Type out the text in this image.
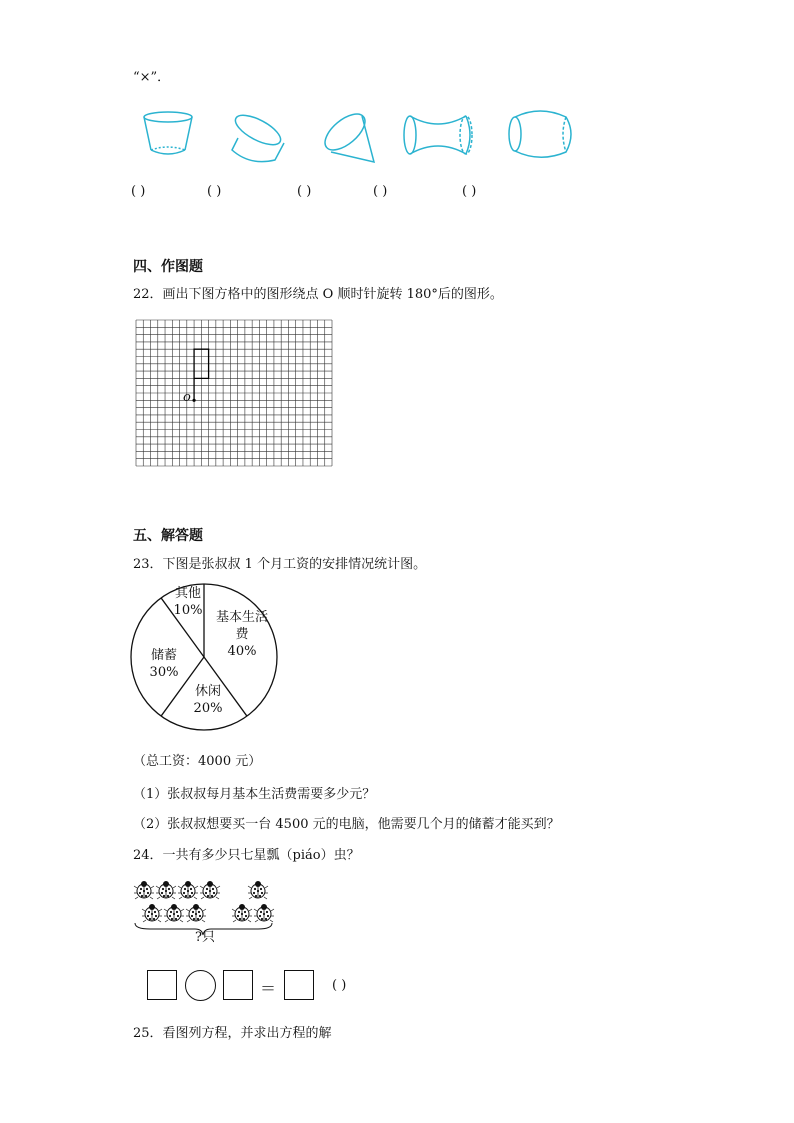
“×”．
( )	( )	( )	( )	( )
四、作图题
22．画出下图方格中的图形绕点 O 顺时针旋转 180°后的图形。
o
五、解答题
23．下图是张叔叔 1 个月工资的安排情况统计图。
基本生活
费
40%
休闲
20%
储蓄
30%
其他
10%
（总工资：4000 元）
（1）张叔叔每月基本生活费需要多少元？
（2）张叔叔想要买一台 4500 元的电脑，他需要几个月的储蓄才能买到？
24．一共有多少只七星瓢（piáo）虫？
?只
＝	( )
25．看图列方程，并求出方程的解
